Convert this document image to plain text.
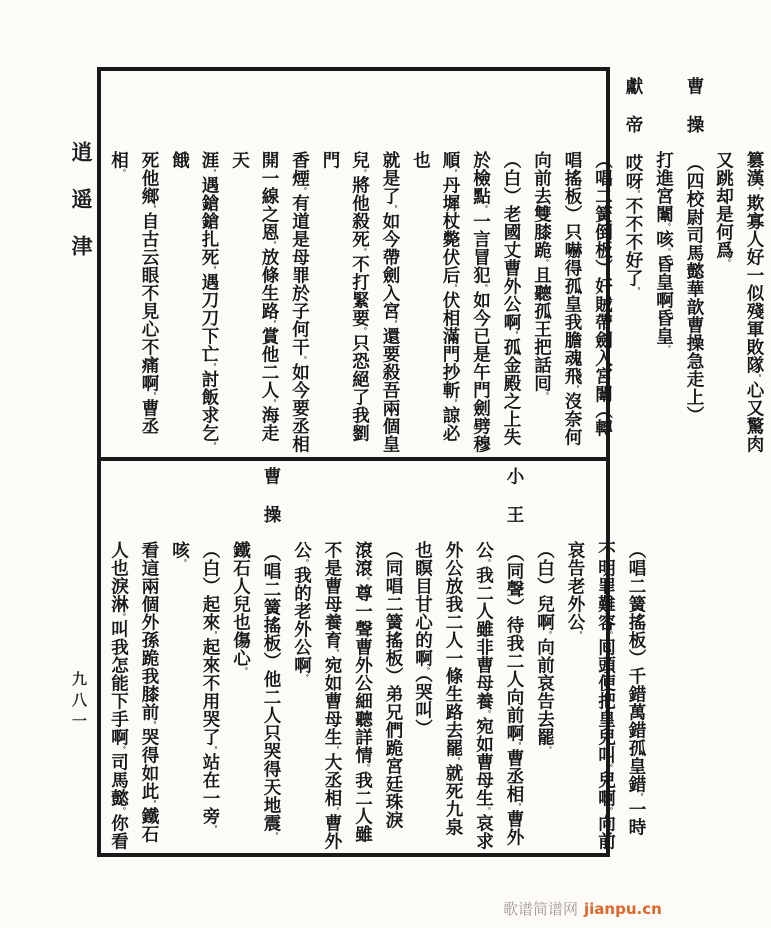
逍遥津
九八一
篡漢。欺寡人好一似殘軍敗隊。心又驚肉
又跳却是何爲。
曹操（四校尉司馬懿華歆曹操急走上）
打進宮闈。咳。昏皇啊昏皇。
獻帝哎呀。不不不好了。
（唱二簧倒板）奸賊帶劍入宮闈。（轉
唱搖板）只嚇得孤皇我膽魂飛。沒奈何
向前去雙膝跪。且聽孤王把話囘。
（白）老國丈曹外公啊。孤金殿之上失
於檢點。一言冒犯。如今已是午門劍劈穆
順。丹墀杖斃伏后。伏相滿門抄斬。諒必也
就是了。如今帶劍入宮。還要殺吾兩個皇
兒。將他殺死。不打緊要。只恐絕了我劉門
香煙。有道是母罪於子何干。如今要丞相
開一線之恩。放條生路。賞他二人。海走天
涯。遇鎗鎗扎死。遇刀刀下亡。討飯求乞。餓
死他鄉。自古云眼不見心不痛啊。曹丞相。
（唱二簧搖板）千錯萬錯孤皇錯。一時
不明罪難容。囘頭便把皇兒叫。兒啊。向前
哀告老外公。
（白）兒啊。向前哀告去罷。
小王（同聲）待我二人向前啊。曹丞相。曹外
公。我二人雖非曹母養。宛如曹母生。哀求
外公放我二人一條生路去罷。就死九泉
也瞑目甘心的啊。（哭叫）
（同唱二簧搖板）弟兄們跪宮廷珠淚
滾滾。尊一聲曹外公細聽詳情。我二人雖
不是曹母養育。宛如曹母生。大丞相。曹外
公。我的老外公啊。
曹操（唱二簧搖板）他二人只哭得天地震。
鐵石人兒也傷心。
（白）起來。起來不用哭了。站在一旁。咳。
看這兩個外孫跪我膝前。哭得如此。鐵石
人也淚淋。叫我怎能下手啊。司馬懿。你看
歌谱简谱网 jianpu.cn
